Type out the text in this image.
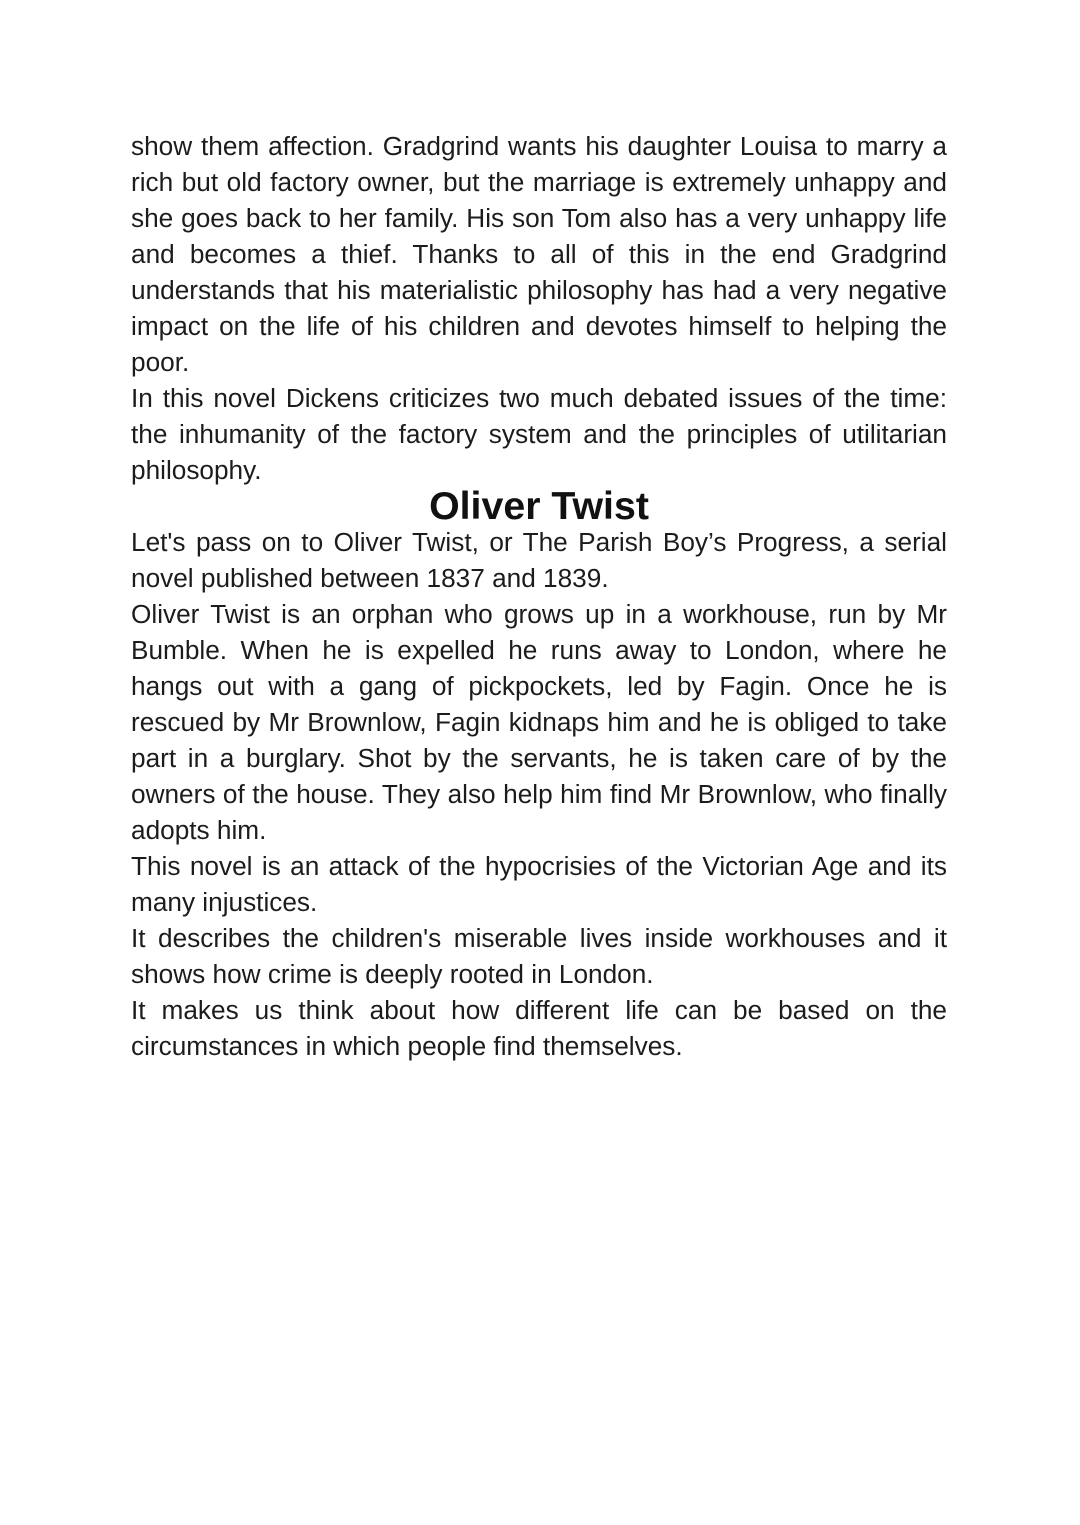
show them affection. Gradgrind wants his daughter Louisa to marry a rich but old factory owner, but the marriage is extremely unhappy and she goes back to her family. His son Tom also has a very unhappy life and becomes a thief. Thanks to all of this in the end Gradgrind understands that his materialistic philosophy has had a very negative impact on the life of his children and devotes himself to helping the poor.

In this novel Dickens criticizes two much debated issues of the time: the inhumanity of the factory system and the principles of utilitarian philosophy.

Oliver Twist

Let's pass on to Oliver Twist, or The Parish Boy’s Progress, a serial novel published between 1837 and 1839.

Oliver Twist is an orphan who grows up in a workhouse, run by Mr Bumble. When he is expelled he runs away to London, where he hangs out with a gang of pickpockets, led by Fagin. Once he is rescued by Mr Brownlow, Fagin kidnaps him and he is obliged to take part in a burglary. Shot by the servants, he is taken care of by the owners of the house. They also help him find Mr Brownlow, who finally adopts him.

This novel is an attack of the hypocrisies of the Victorian Age and its many injustices.

It describes the children's miserable lives inside workhouses and it shows how crime is deeply rooted in London.

It makes us think about how different life can be based on the circumstances in which people find themselves.
